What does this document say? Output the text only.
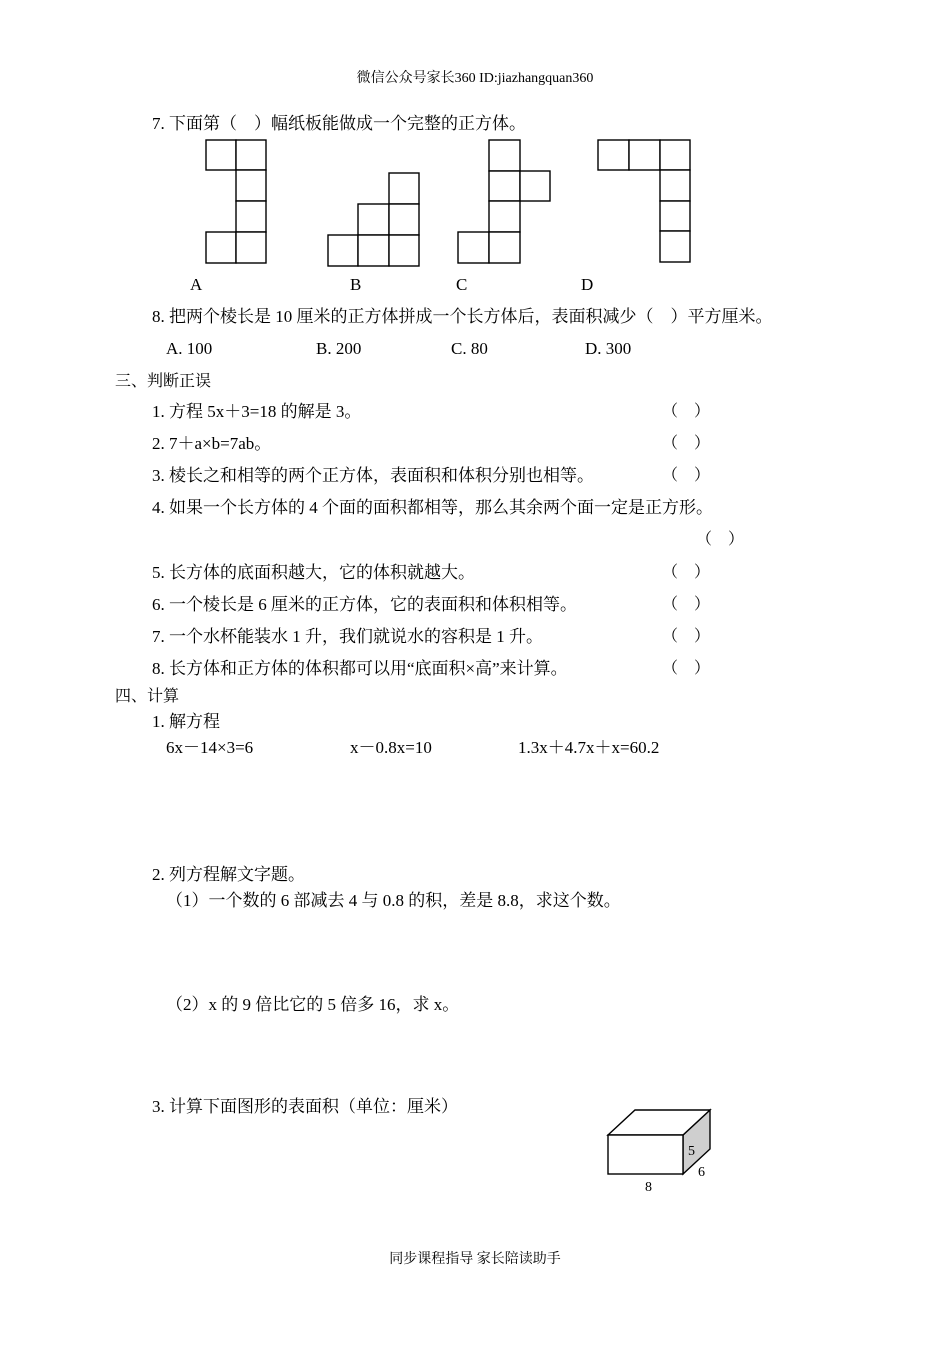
微信公众号家长360 ID:jiazhangquan360
7. 下面第（　）幅纸板能做成一个完整的正方体。
A	B	C	D
8. 把两个棱长是 10 厘米的正方体拼成一个长方体后，表面积减少（　）平方厘米。
A. 100	B. 200	C. 80	D. 300
三、判断正误
1. 方程 5x＋3=18 的解是 3。	（　）
2. 7＋a×b=7ab。	（　）
3. 棱长之和相等的两个正方体，表面积和体积分别也相等。	（　）
4. 如果一个长方体的 4 个面的面积都相等，那么其余两个面一定是正方形。
（　）
5. 长方体的底面积越大，它的体积就越大。	（　）
6. 一个棱长是 6 厘米的正方体，它的表面积和体积相等。	（　）
7. 一个水杯能装水 1 升，我们就说水的容积是 1 升。	（　）
8. 长方体和正方体的体积都可以用“底面积×高”来计算。	（　）
四、计算
1. 解方程
6x－14×3=6	x－0.8x=10	1.3x＋4.7x＋x=60.2
2. 列方程解文字题。
（1）一个数的 6 部减去 4 与 0.8 的积，差是 8.8，求这个数。
（2）x 的 9 倍比它的 5 倍多 16，求 x。
3. 计算下面图形的表面积（单位：厘米）
5
6
8
同步课程指导 家长陪读助手
